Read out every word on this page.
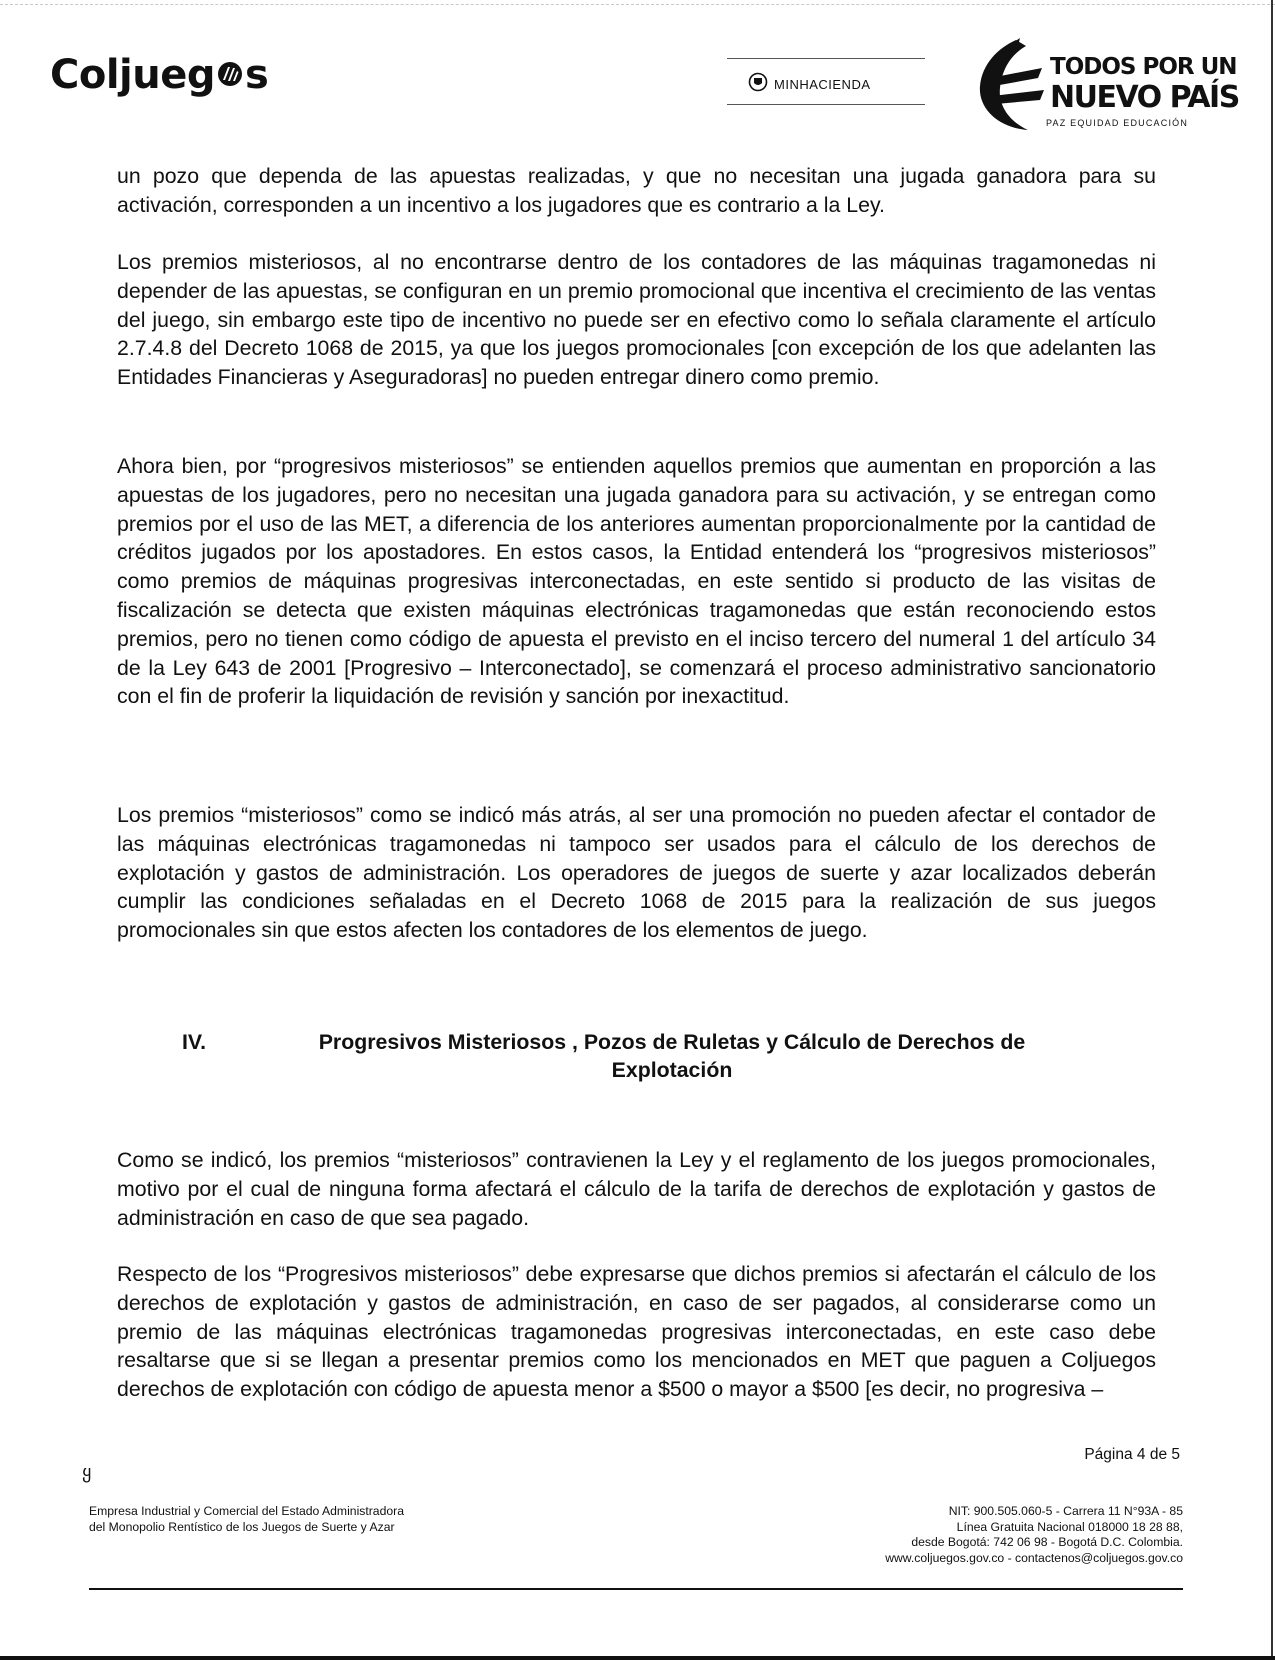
Coljueg s	MINHACIENDA
TODOS POR UN
NUEVO PAÍS
PAZ EQUIDAD EDUCACIÓN

un pozo que dependa de las apuestas realizadas, y que no necesitan una jugada ganadora para su activación, corresponden a un incentivo a los jugadores que es contrario a la Ley.

Los premios misteriosos, al no encontrarse dentro de los contadores de las máquinas tragamonedas ni depender de las apuestas, se configuran en un premio promocional que incentiva el crecimiento de las ventas del juego, sin embargo este tipo de incentivo no puede ser en efectivo como lo señala claramente el artículo 2.7.4.8 del Decreto 1068 de 2015, ya que los juegos promocionales [con excepción de los que adelanten las Entidades Financieras y Aseguradoras] no pueden entregar dinero como premio.

Ahora bien, por “progresivos misteriosos” se entienden aquellos premios que aumentan en proporción a las apuestas de los jugadores, pero no necesitan una jugada ganadora para su activación, y se entregan como premios por el uso de las MET, a diferencia de los anteriores aumentan proporcionalmente por la cantidad de créditos jugados por los apostadores. En estos casos, la Entidad entenderá los “progresivos misteriosos” como premios de máquinas progresivas interconectadas, en este sentido si producto de las visitas de fiscalización se detecta que existen máquinas electrónicas tragamonedas que están reconociendo estos premios, pero no tienen como código de apuesta el previsto en el inciso tercero del numeral 1 del artículo 34 de la Ley 643 de 2001 [Progresivo – Interconectado], se comenzará el proceso administrativo sancionatorio con el fin de proferir la liquidación de revisión y sanción por inexactitud.

Los premios “misteriosos” como se indicó más atrás, al ser una promoción no pueden afectar el contador de las máquinas electrónicas tragamonedas ni tampoco ser usados para el cálculo de los derechos de explotación y gastos de administración. Los operadores de juegos de suerte y azar localizados deberán cumplir las condiciones señaladas en el Decreto 1068 de 2015 para la realización de sus juegos promocionales sin que estos afecten los contadores de los elementos de juego.

IV.	Progresivos Misteriosos , Pozos de Ruletas y Cálculo de Derechos de Explotación

Como se indicó, los premios “misteriosos” contravienen la Ley y el reglamento de los juegos promocionales, motivo por el cual de ninguna forma afectará el cálculo de la tarifa de derechos de explotación y gastos de administración en caso de que sea pagado.

Respecto de los “Progresivos misteriosos” debe expresarse que dichos premios si afectarán el cálculo de los derechos de explotación y gastos de administración, en caso de ser pagados, al considerarse como un premio de las máquinas electrónicas tragamonedas progresivas interconectadas, en este caso debe resaltarse que si se llegan a presentar premios como los mencionados en MET que paguen a Coljuegos derechos de explotación con código de apuesta menor a $500 o mayor a $500 [es decir, no progresiva –

Página 4 de 5
ყ
Empresa Industrial y Comercial del Estado Administradora
del Monopolio Rentístico de los Juegos de Suerte y Azar
NIT: 900.505.060-5 - Carrera 11 N°93A - 85
Línea Gratuita Nacional 018000 18 28 88,
desde Bogotá: 742 06 98 - Bogotá D.C. Colombia.
www.coljuegos.gov.co - contactenos@coljuegos.gov.co
